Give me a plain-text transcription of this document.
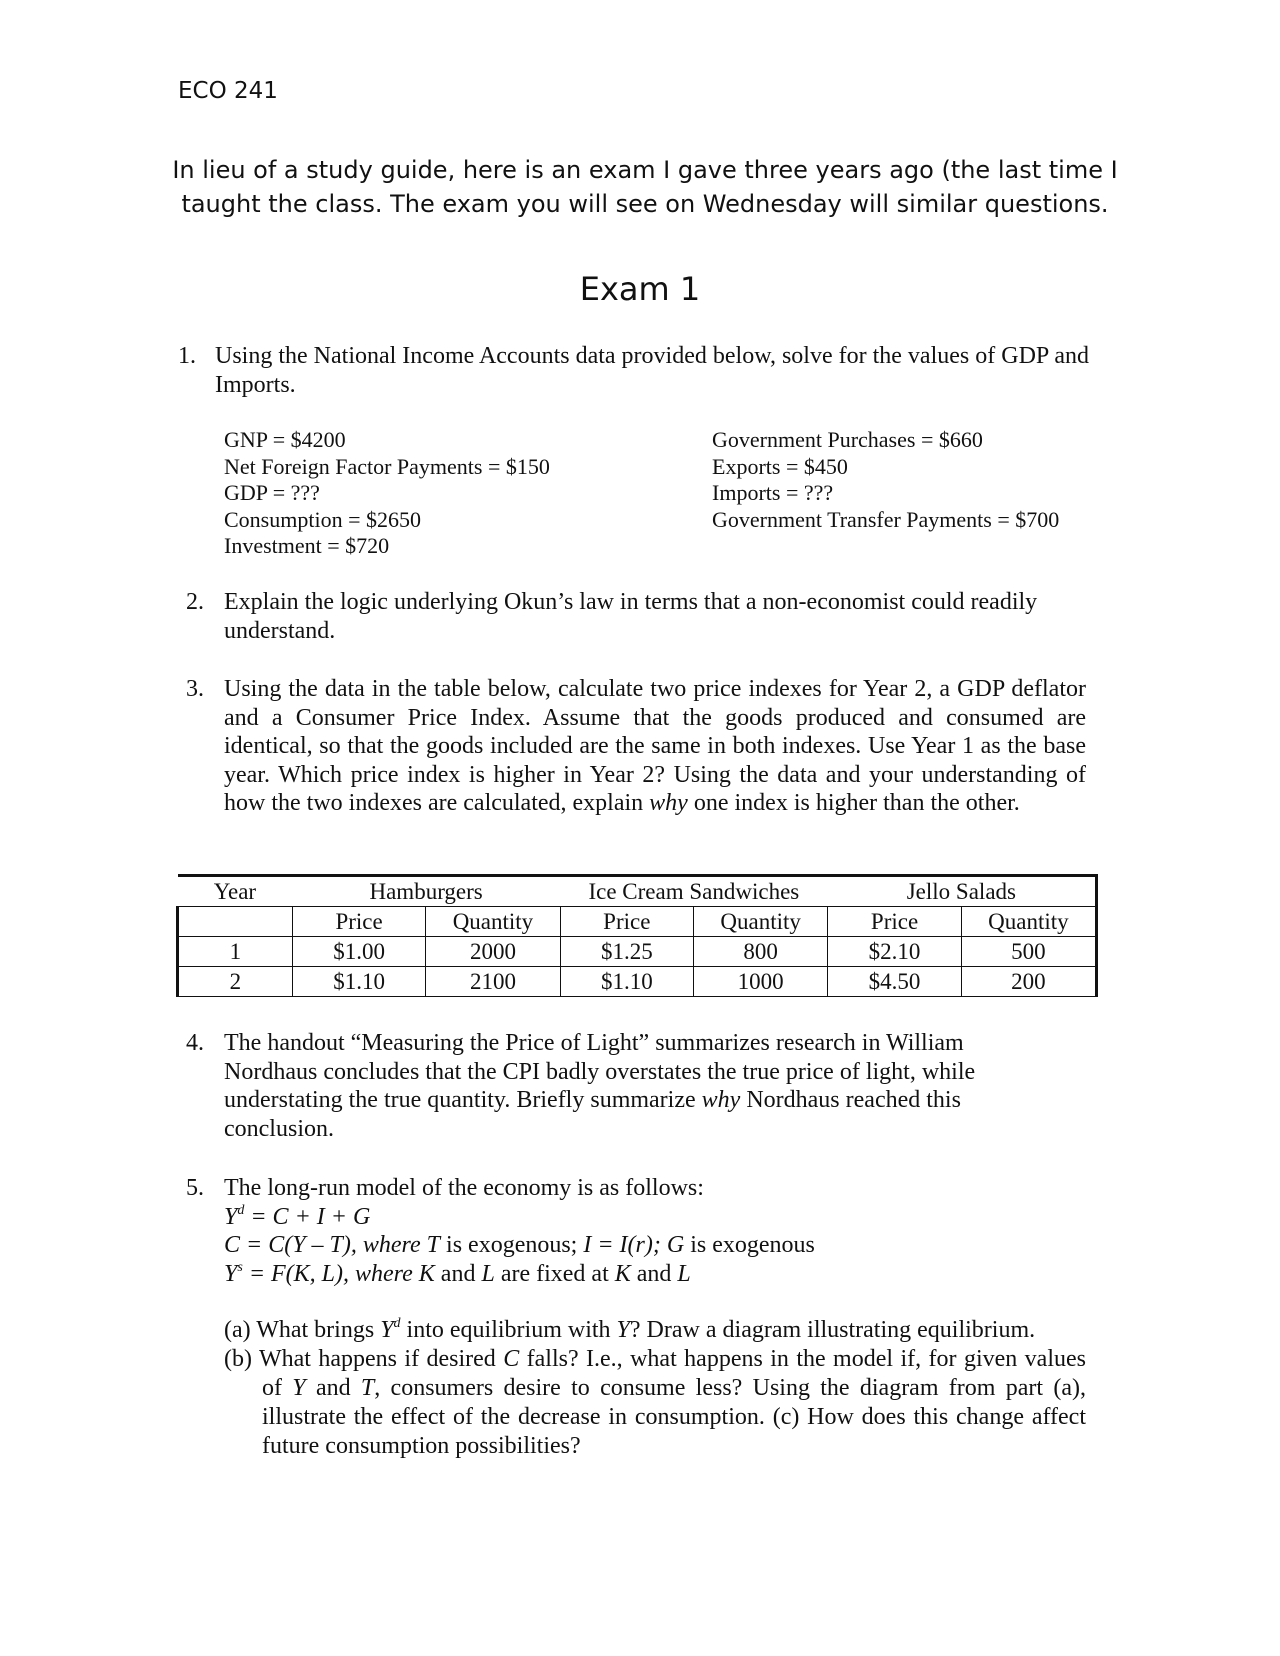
ECO 241
In lieu of a study guide, here is an exam I gave three years ago (the last time I taught the class. The exam you will see on Wednesday will similar questions.
Exam 1
1. Using the National Income Accounts data provided below, solve for the values of GDP and Imports.
GNP = $4200
Net Foreign Factor Payments = $150
GDP = ???
Consumption = $2650
Investment = $720
Government Purchases = $660
Exports = $450
Imports = ???
Government Transfer Payments = $700
2. Explain the logic underlying Okun’s law in terms that a non-economist could readily understand.
3. Using the data in the table below, calculate two price indexes for Year 2, a GDP deflator and a Consumer Price Index. Assume that the goods produced and consumed are identical, so that the goods included are the same in both indexes. Use Year 1 as the base year. Which price index is higher in Year 2? Using the data and your understanding of how the two indexes are calculated, explain why one index is higher than the other.
Year	Hamburgers		Ice Cream Sandwiches		Jello Salads	
	Price	Quantity	Price	Quantity	Price	Quantity
1	$1.00	2000	$1.25	800	$2.10	500
2	$1.10	2100	$1.10	1000	$4.50	200
4. The handout “Measuring the Price of Light” summarizes research in William Nordhaus concludes that the CPI badly overstates the true price of light, while understating the true quantity. Briefly summarize why Nordhaus reached this conclusion.
5. The long-run model of the economy is as follows:
$Y^d = C + I + G$
C = C(Y – T), where T is exogenous; I = I(r); G is exogenous
$Y^s = F(K$, L), where K and L are fixed at K and L
(a) What brings $Y^d$ into equilibrium with Y? Draw a diagram illustrating equilibrium.
(b) What happens if desired C falls? I.e., what happens in the model if, for given values of Y and T, consumers desire to consume less? Using the diagram from part (a), illustrate the effect of the decrease in consumption. (c) How does this change affect future consumption possibilities?
